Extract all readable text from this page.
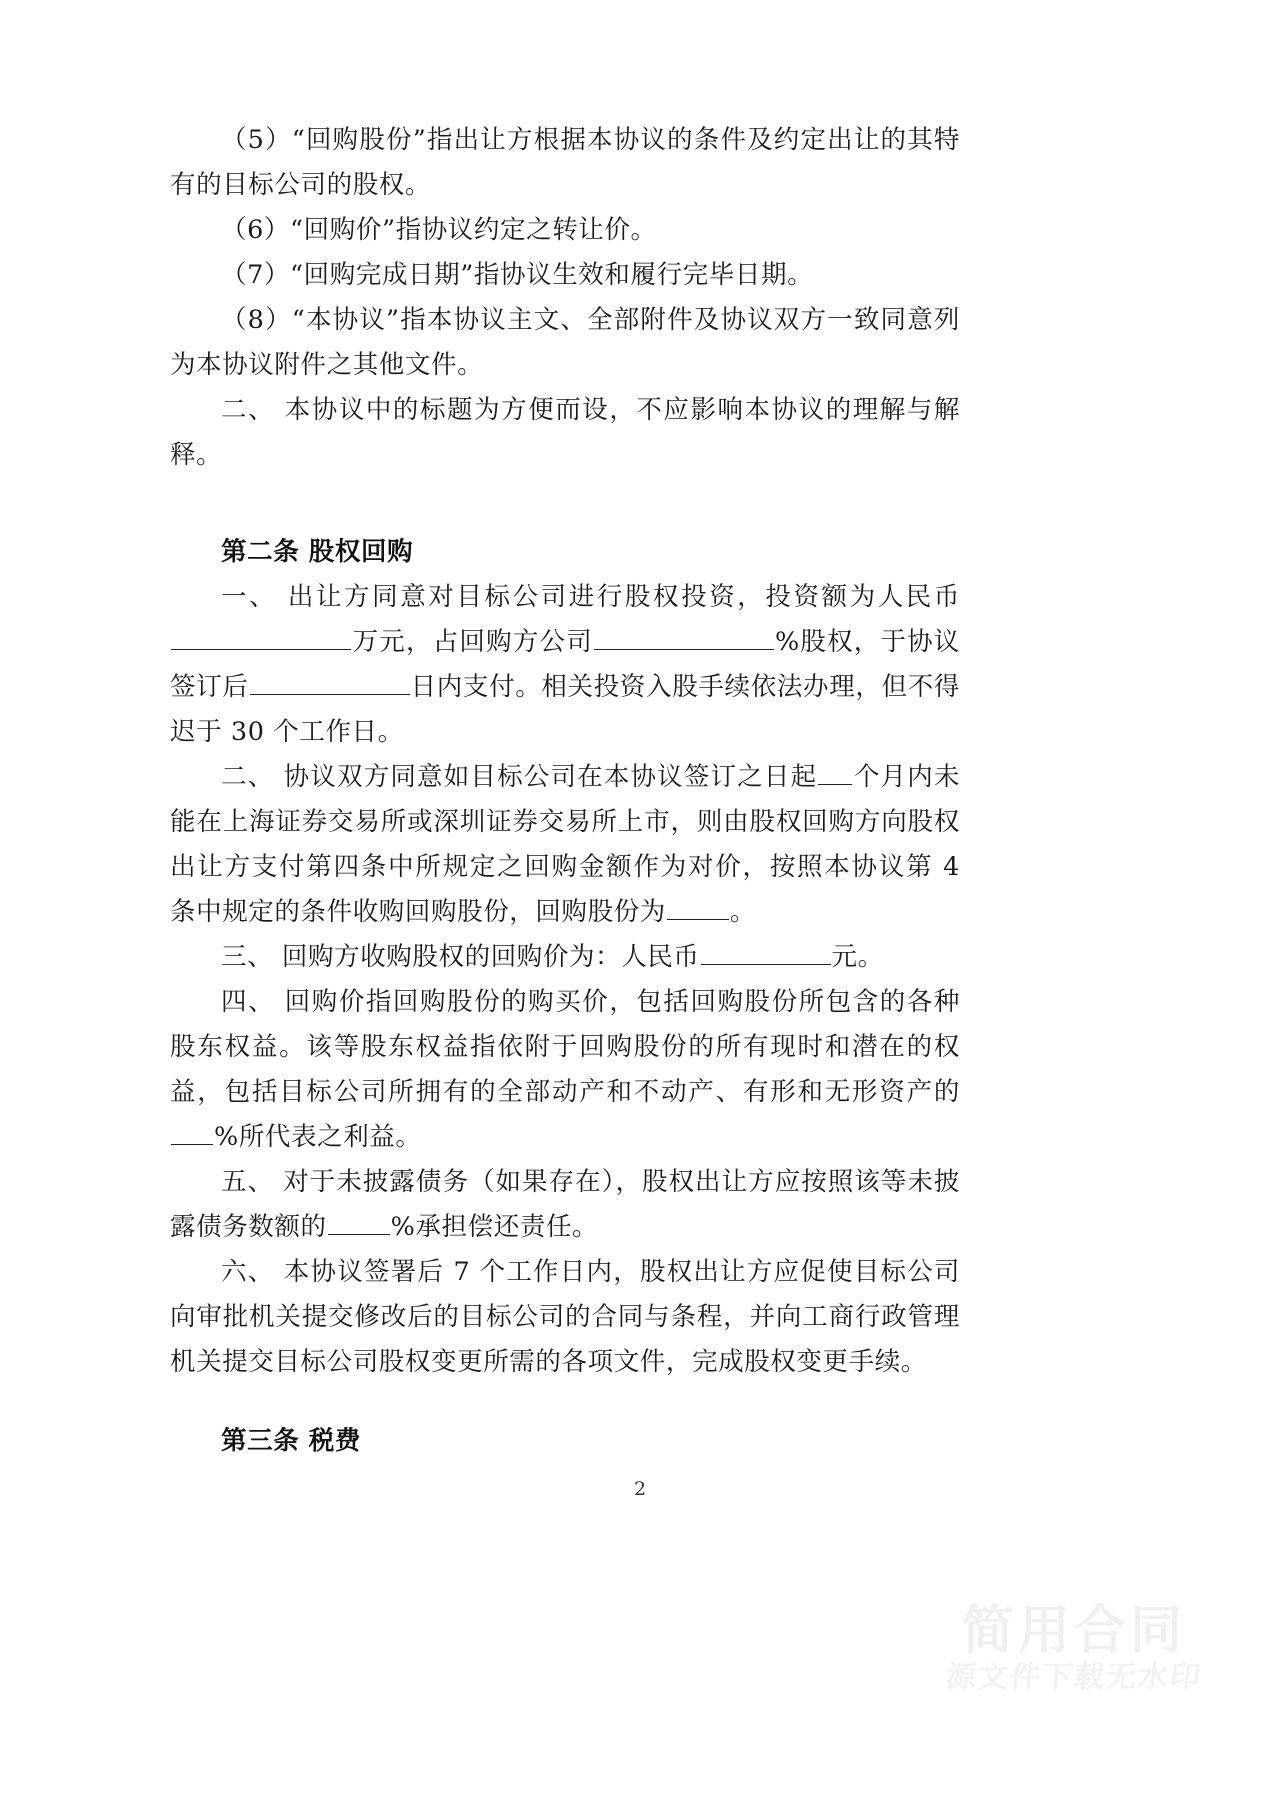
（5）“回购股份”指出让方根据本协议的条件及约定出让的其特有的目标公司的股权。

（6）“回购价”指协议约定之转让价。

（7）“回购完成日期”指协议生效和履行完毕日期。

（8）“本协议”指本协议主文、全部附件及协议双方一致同意列为本协议附件之其他文件。

二、 本协议中的标题为方便而设，不应影响本协议的理解与解释。

第二条 股权回购

一、 出让方同意对目标公司进行股权投资，投资额为人民币万元，占回购方公司	%股权，于协议签订后	日内支付。相关投资入股手续依法办理，但不得迟于 30 个工作日。

二、 协议双方同意如目标公司在本协议签订之日起 个月内未能在上海证券交易所或深圳证券交易所上市，则由股权回购方向股权出让方支付第四条中所规定之回购金额作为对价，按照本协议第 4 条中规定的条件收购回购股份，回购股份为	。

三、 回购方收购股权的回购价为：人民币	元。

四、 回购价指回购股份的购买价，包括回购股份所包含的各种股东权益。该等股东权益指依附于回购股份的所有现时和潜在的权益，包括目标公司所拥有的全部动产和不动产、有形和无形资产的%所代表之利益。

五、 对于未披露债务（如果存在），股权出让方应按照该等未披露债务数额的	%承担偿还责任。

六、 本协议签署后 7 个工作日内，股权出让方应促使目标公司向审批机关提交修改后的目标公司的合同与条程，并向工商行政管理机关提交目标公司股权变更所需的各项文件，完成股权变更手续。

第三条 税费

2
简用合同
源文件下载无水印
